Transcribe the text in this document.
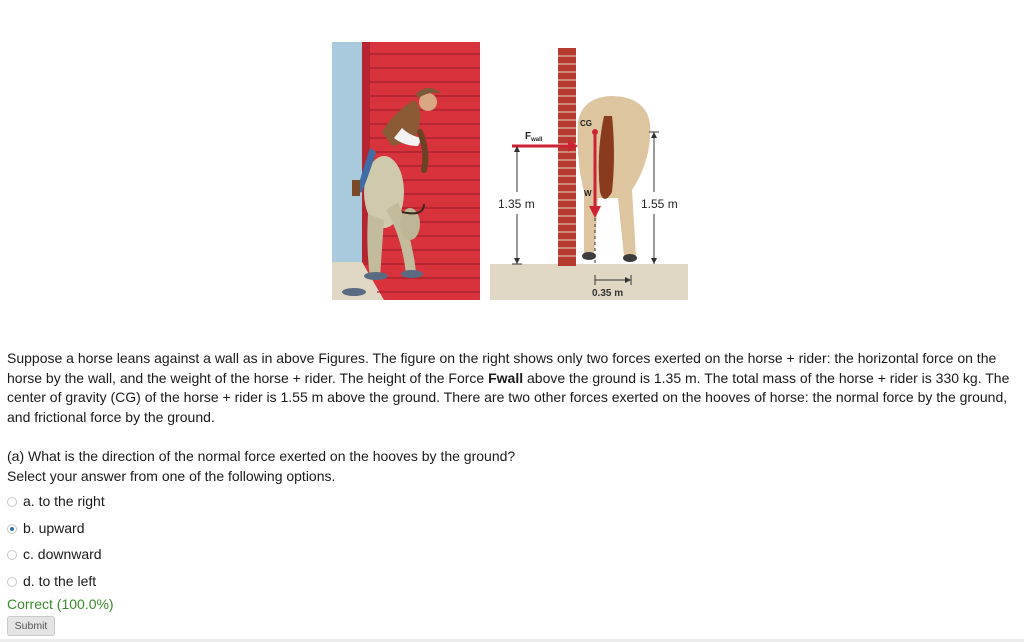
$F_{wall}$
1.35 m	1.55 m
0.35 m
CG
W
Suppose a horse leans against a wall as in above Figures. The figure on the right shows only two forces exerted on the horse + rider: the horizontal force on the horse by the wall, and the weight of the horse + rider. The height of the Force Fwall above the ground is 1.35 m. The total mass of the horse + rider is 330 kg. The center of gravity (CG) of the horse + rider is 1.55 m above the ground. There are two other forces exerted on the hooves of horse: the normal force by the ground, and frictional force by the ground.
(a) What is the direction of the normal force exerted on the hooves by the ground?
Select your answer from one of the following options.
a. to the right
b. upward
c. downward
d. to the left
Correct (100.0%)
Submit
